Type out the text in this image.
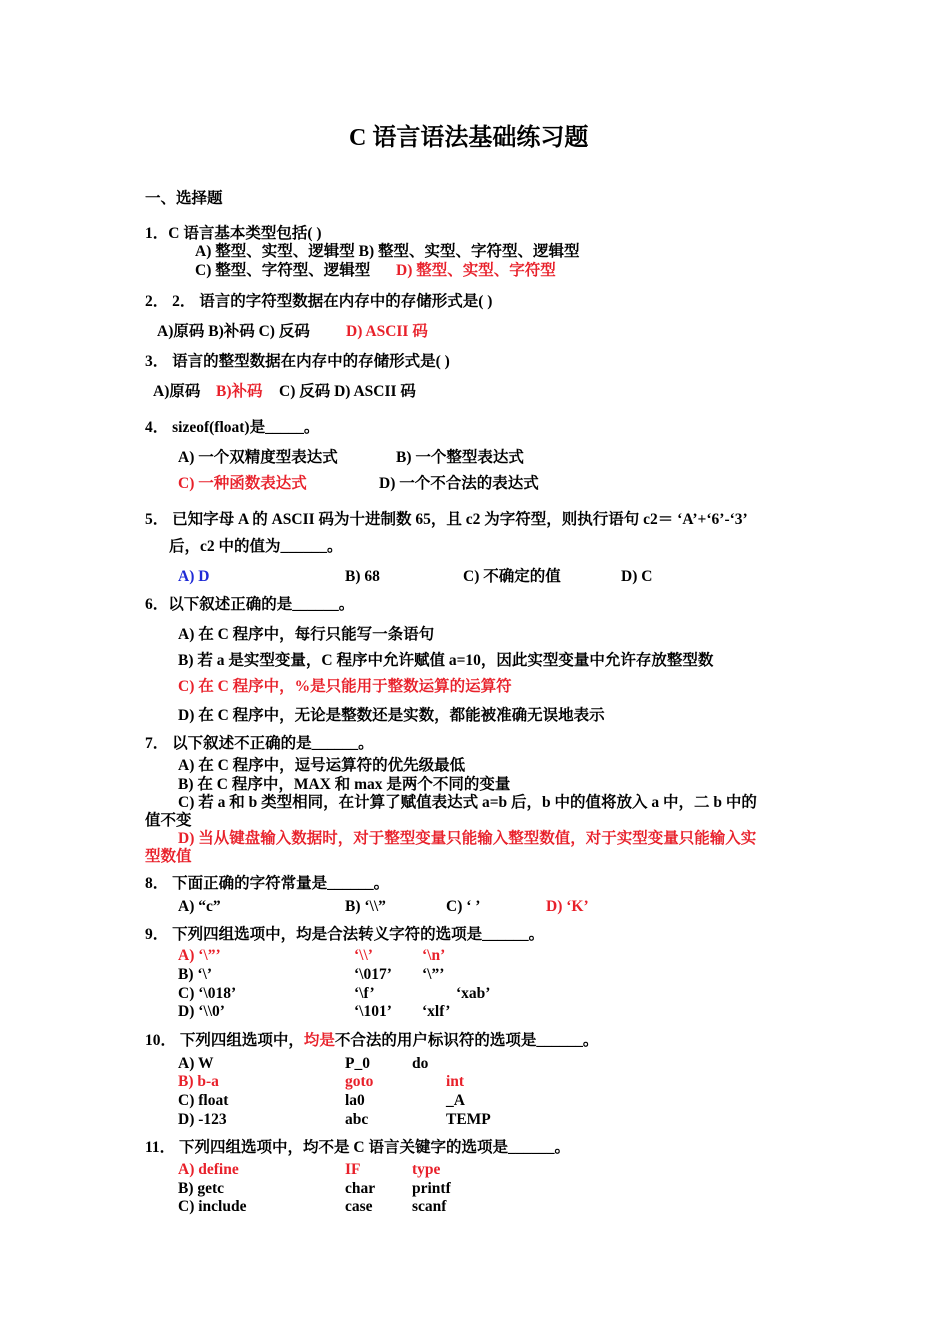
C 语言语法基础练习题
一、选择题
1．C 语言基本类型包括( )
A) 整型、实型、逻辑型 B) 整型、实型、字符型、逻辑型
C) 整型、字符型、逻辑型 D) 整型、实型、字符型
2． 2． 语言的字符型数据在内存中的存储形式是( )
A)原码 B)补码 C) 反码 D) ASCII 码
3． 语言的整型数据在内存中的存储形式是( )
A)原码 B)补码 C) 反码 D) ASCII 码
4． sizeof(float)是_____。
A) 一个双精度型表达式	B) 一个整型表达式
C) 一种函数表达式	D) 一个不合法的表达式
5． 已知字母 A 的 ASCII 码为十进制数 65，且 c2 为字符型，则执行语句 c2＝ ‘A’+‘6’-‘3’
后，c2 中的值为______。
A) D	B) 68	C) 不确定的值	D) C
6．以下叙述正确的是______。
A) 在 C 程序中，每行只能写一条语句
B) 若 a 是实型变量，C 程序中允许赋值 a=10，因此实型变量中允许存放整型数
C) 在 C 程序中，%是只能用于整数运算的运算符
D) 在 C 程序中，无论是整数还是实数，都能被准确无误地表示
7． 以下叙述不正确的是______。
A) 在 C 程序中，逗号运算符的优先级最低
B) 在 C 程序中，MAX 和 max 是两个不同的变量
C) 若 a 和 b 类型相同，在计算了赋值表达式 a=b 后，b 中的值将放入 a 中，二 b 中的
值不变
D) 当从键盘输入数据时，对于整型变量只能输入整型数值，对于实型变量只能输入实
型数值
8． 下面正确的字符常量是______。
A) “c”	B) ‘\\”	C) ‘ ’	D) ‘K’
9． 下列四组选项中，均是合法转义字符的选项是______。
A) ‘\”’	‘\\’	‘\n’
B) ‘\’	‘\017’ ‘\”’
C) ‘\018’	‘\f’	‘xab’
D) ‘\\0’	‘\101’ ‘xlf’
10． 下列四组选项中，均是不合法的用户标识符的选项是______。
A) W	P_0	do
B) b-a	goto	int
C) float	la0	_A
D) -123	abc	TEMP
11． 下列四组选项中，均不是 C 语言关键字的选项是______。
A) define	IF	type
B) getc	char printf
C) include	case	scanf
